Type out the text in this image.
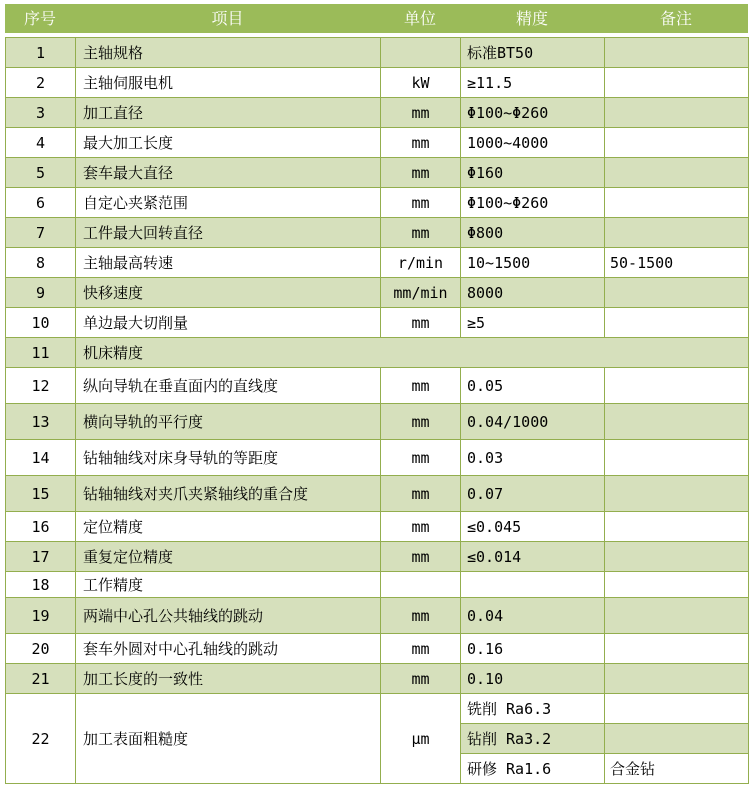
序号	项目	单位	精度	备注
1	主轴规格		标准BT50	
2	主轴伺服电机	kW	≥11.5	
3	加工直径	mm	Φ100~Φ260	
4	最大加工长度	mm	1000~4000	
5	套车最大直径	mm	Φ160	
6	自定心夹紧范围	mm	Φ100~Φ260	
7	工件最大回转直径	mm	Φ800	
8	主轴最高转速	r/min	10~1500	50-1500
9	快移速度	mm/min	8000	
10	单边最大切削量	mm	≥5	
11	机床精度			
12	纵向导轨在垂直面内的直线度	mm	0.05	
13	横向导轨的平行度	mm	0.04/1000	
14	钻轴轴线对床身导轨的等距度	mm	0.03	
15	钻轴轴线对夹爪夹紧轴线的重合度	mm	0.07	
16	定位精度	mm	≤0.045	
17	重复定位精度	mm	≤0.014	
18	工作精度			
19	两端中心孔公共轴线的跳动	mm	0.04	
20	套车外圆对中心孔轴线的跳动	mm	0.16	
21	加工长度的一致性	mm	0.10	
22	加工表面粗糙度	μm	铣削 Ra6.3	
			钻削 Ra3.2	
			研修 Ra1.6	合金钻
